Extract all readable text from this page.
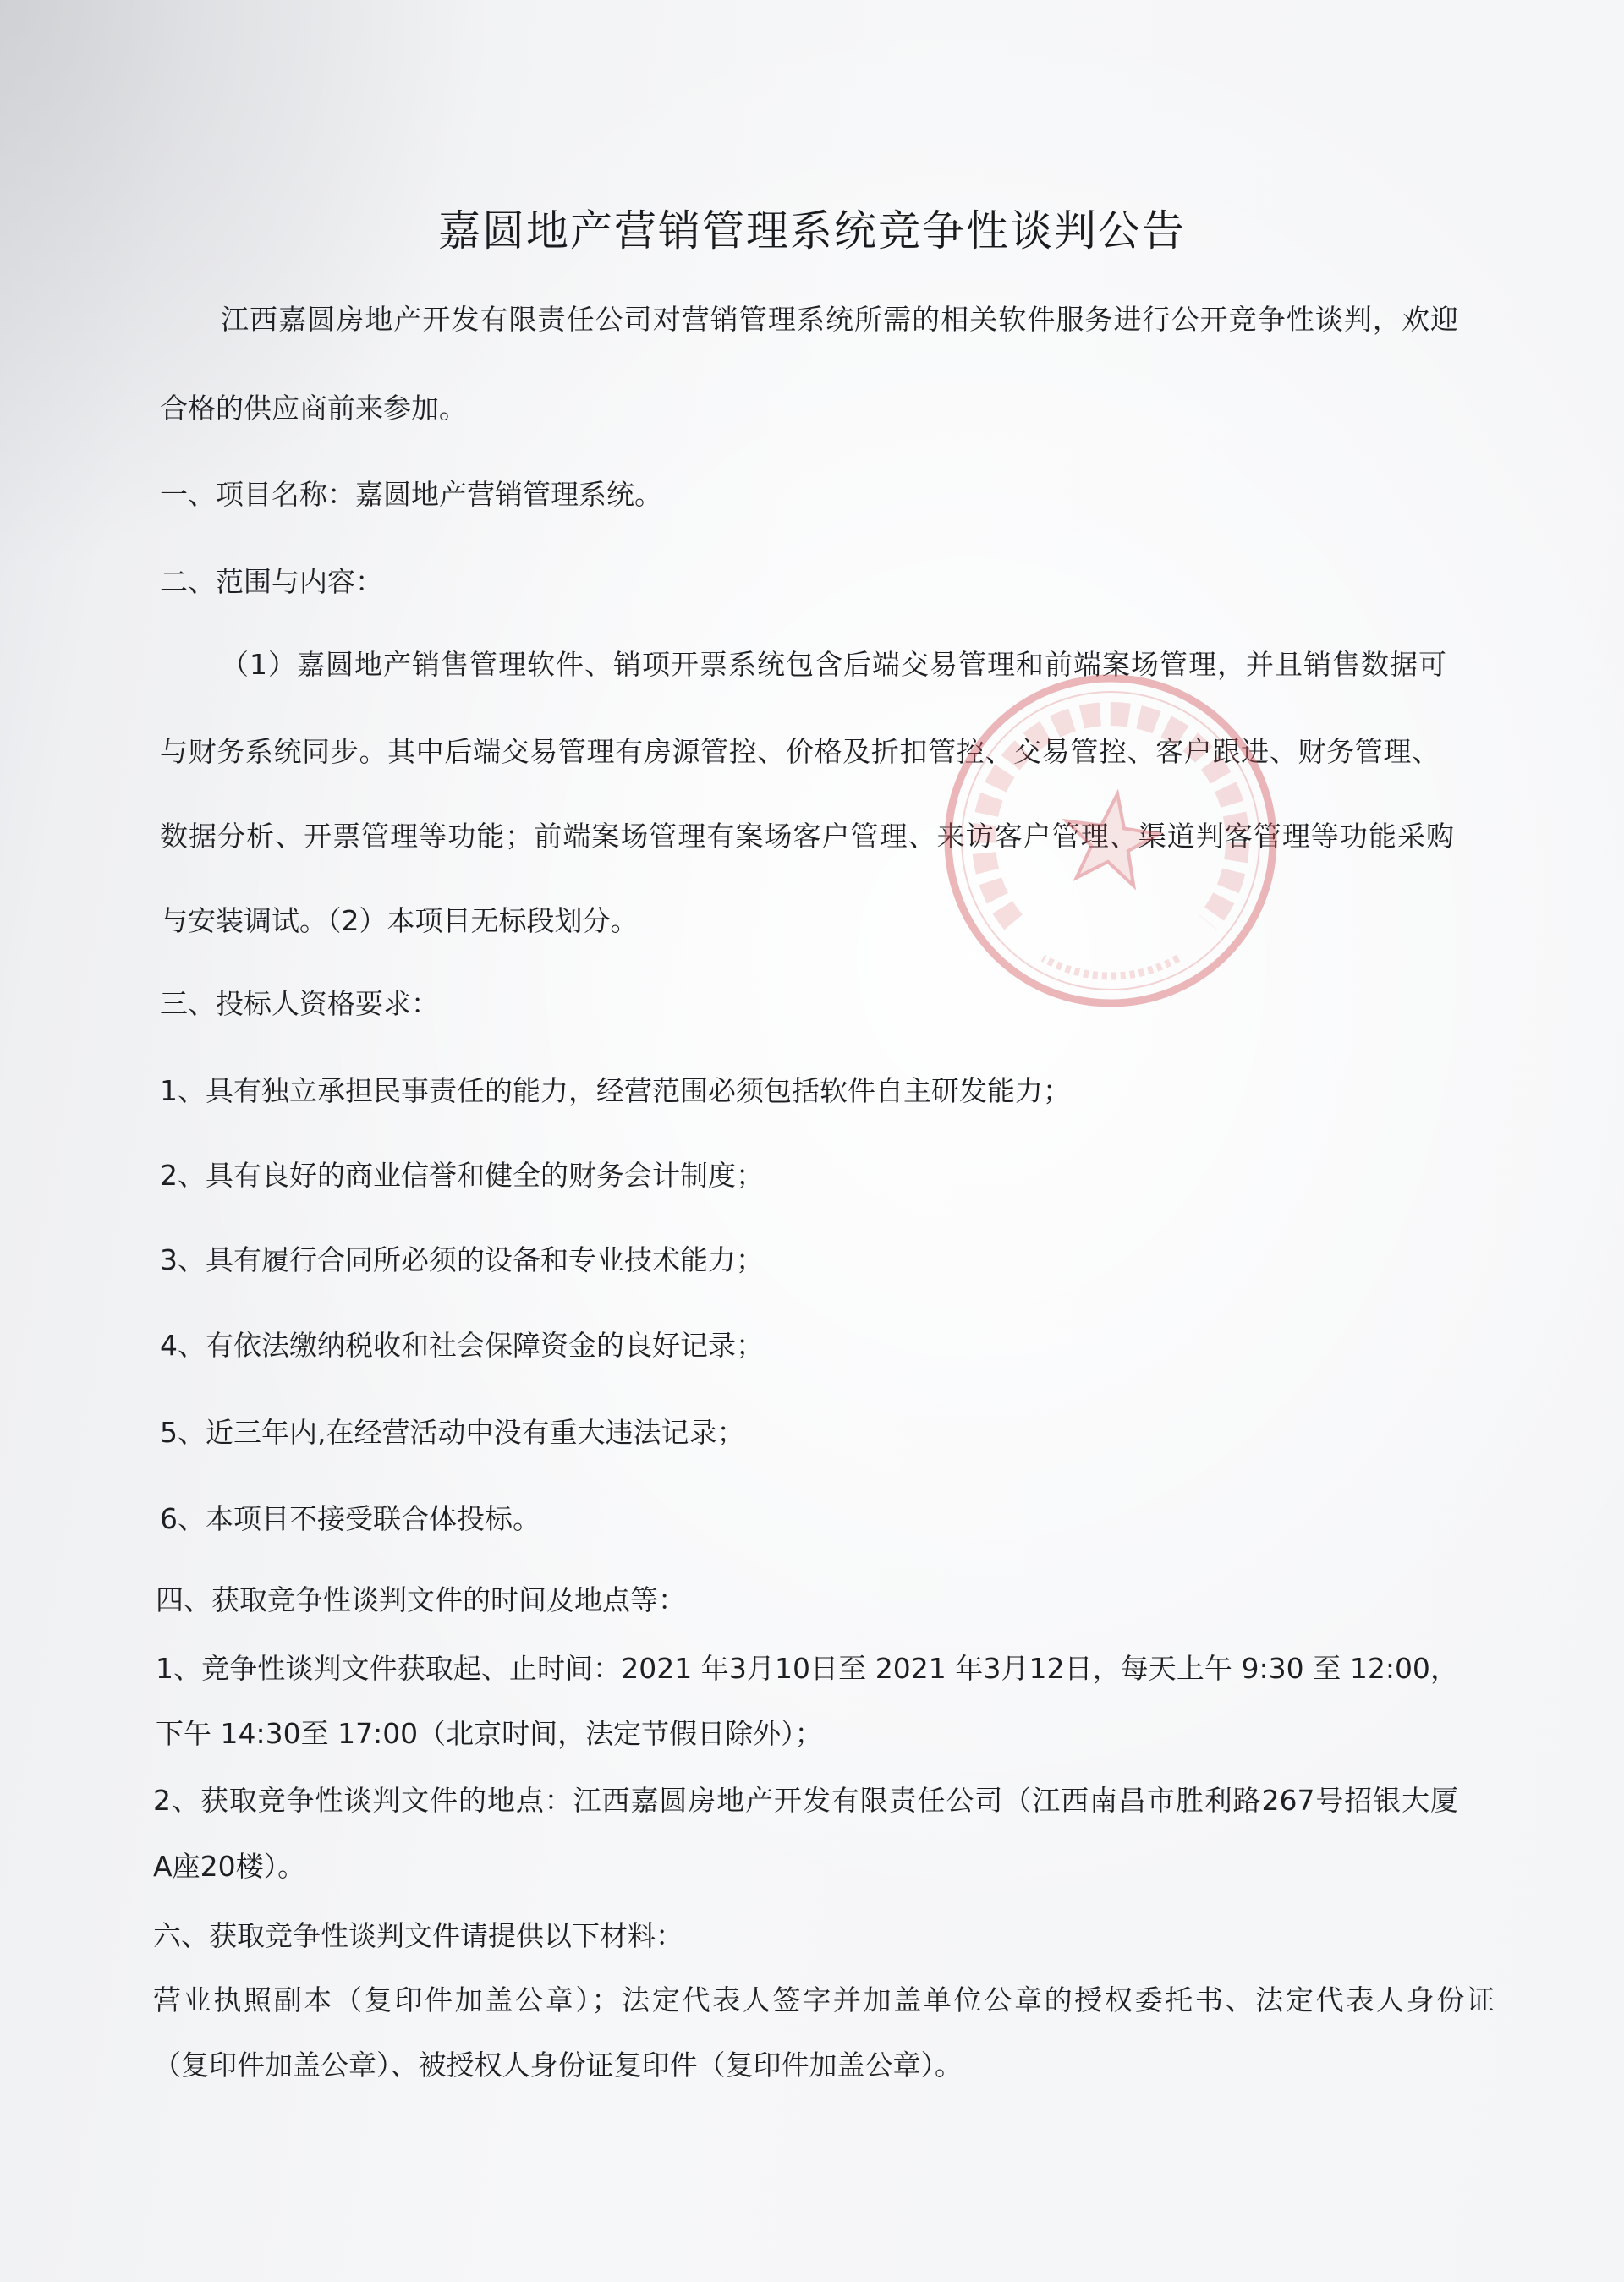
嘉圆地产营销管理系统竞争性谈判公告
江西嘉圆房地产开发有限责任公司对营销管理系统所需的相关软件服务进行公开竞争性谈判，欢迎
合格的供应商前来参加。
一、项目名称：嘉圆地产营销管理系统。
二、范围与内容：
（1）嘉圆地产销售管理软件、销项开票系统包含后端交易管理和前端案场管理，并且销售数据可
与财务系统同步。其中后端交易管理有房源管控、价格及折扣管控、交易管控、客户跟进、财务管理、
数据分析、开票管理等功能；前端案场管理有案场客户管理、来访客户管理、渠道判客管理等功能采购
与安装调试。（2）本项目无标段划分。
三、投标人资格要求：
1、具有独立承担民事责任的能力，经营范围必须包括软件自主研发能力；
2、具有良好的商业信誉和健全的财务会计制度；
3、具有履行合同所必须的设备和专业技术能力；
4、有依法缴纳税收和社会保障资金的良好记录；
5、近三年内,在经营活动中没有重大违法记录；
6、本项目不接受联合体投标。
四、获取竞争性谈判文件的时间及地点等：
1、竞争性谈判文件获取起、止时间：2021 年3月10日至 2021 年3月12日，每天上午 9:30 至 12:00，
下午 14:30至 17:00（北京时间，法定节假日除外）；
2、获取竞争性谈判文件的地点：江西嘉圆房地产开发有限责任公司（江西南昌市胜利路267号招银大厦
A座20楼）。
六、获取竞争性谈判文件请提供以下材料：
营业执照副本（复印件加盖公章）；法定代表人签字并加盖单位公章的授权委托书、法定代表人身份证
（复印件加盖公章）、被授权人身份证复印件（复印件加盖公章）。
